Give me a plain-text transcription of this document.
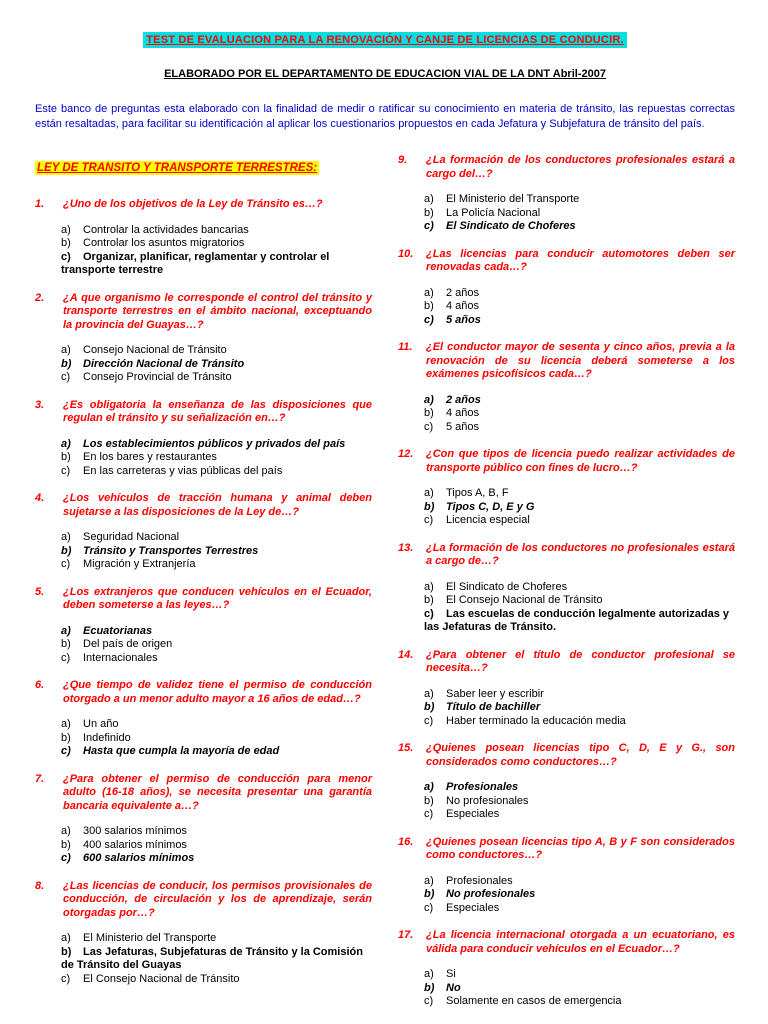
TEST DE EVALUACION PARA LA RENOVACIÓN Y CANJE DE LICENCIAS DE CONDUCIR.
ELABORADO POR EL DEPARTAMENTO DE EDUCACION VIAL DE LA DNT Abril-2007

Este banco de preguntas esta elaborado con la finalidad de medir o ratificar su conocimiento en materia de tránsito, las repuestas correctas están resaltadas, para facilitar su identificación al aplicar los cuestionarios propuestos en cada Jefatura y Subjefatura de tránsito del país.

LEY DE TRANSITO Y TRANSPORTE TERRESTRES:
1.	¿Uno de los objetivos de la Ley de Tránsito es…?
a) Controlar la actividades bancarias
b) Controlar los asuntos migratorios
c) Organizar, planificar, reglamentar y controlar el transporte terrestre
2.	¿A que organismo le corresponde el control del tránsito y transporte terrestres en el ámbito nacional, exceptuando la provincia del Guayas…?
a) Consejo Nacional de Tránsito
b) Dirección Nacional de Tránsito
c) Consejo Provincial de Tránsito
3.	¿Es obligatoria la enseñanza de las disposiciones que regulan el tránsito y su señalización en…?
a) Los establecimientos públicos y privados del país
b) En los bares y restaurantes
c) En las carreteras y vias públicas del país
4.	¿Los vehículos de tracción humana y animal deben sujetarse a las disposiciones de la Ley de…?
a) Seguridad Nacional
b) Tránsito y Transportes Terrestres
c) Migración y Extranjería
5.	¿Los extranjeros que conducen vehículos en el Ecuador, deben someterse a las leyes…?
a) Ecuatorianas
b) Del país de origen
c) Internacionales
6.	¿Que tiempo de validez tiene el permiso de conducción otorgado a un menor adulto mayor a 16 años de edad…?
a) Un año
b) Indefinido
c) Hasta que cumpla la mayoría de edad
7.	¿Para obtener el permiso de conducción para menor adulto (16-18 años), se necesita presentar una garantía bancaria equivalente a…?
a) 300 salarios mínimos
b) 400 salarios mínimos
c) 600 salarios mínimos
8.	¿Las licencias de conducir, los permisos provisionales de conducción, de circulación y los de aprendizaje, serán otorgadas por…?
a) El Ministerio del Transporte
b) Las Jefaturas, Subjefaturas de Tránsito y la Comisión de Tránsito del Guayas
c) El Consejo Nacional de Tránsito
9.	¿La formación de los conductores profesionales estará a cargo del…?
a) El Ministerio del Transporte
b) La Policía Nacional
c) El Sindicato de Choferes
10.	¿Las licencias para conducir automotores deben ser renovadas cada…?
a) 2 años
b) 4 años
c) 5 años
11.	¿El conductor mayor de sesenta y cinco años, previa a la renovación de su licencia deberá someterse a los exámenes psicofísicos cada…?
a) 2 años
b) 4 años
c) 5 años
12.	¿Con que tipos de licencia puedo realizar actividades de transporte público con fines de lucro…?
a) Tipos A, B, F
b) Tipos C, D, E y G
c) Licencia especial
13.	¿La formación de los conductores no profesionales estará a cargo de…?
a) El Sindicato de Choferes
b) El Consejo Nacional de Tránsito
c) Las escuelas de conducción legalmente autorizadas y las Jefaturas de Tránsito.
14.	¿Para obtener el título de conductor profesional se necesita…?
a) Saber leer y escribir
b) Título de bachiller
c) Haber terminado la educación media
15.	¿Quienes posean licencias tipo C, D, E y G., son considerados como conductores…?
a) Profesionales
b) No profesionales
c) Especiales
16.	¿Quienes posean licencias tipo A, B y F son considerados como conductores…?
a) Profesionales
b) No profesionales
c) Especiales
17.	¿La licencia internacional otorgada a un ecuatoriano, es válida para conducir vehículos en el Ecuador…?
a) Si
b) No
c) Solamente en casos de emergencia
